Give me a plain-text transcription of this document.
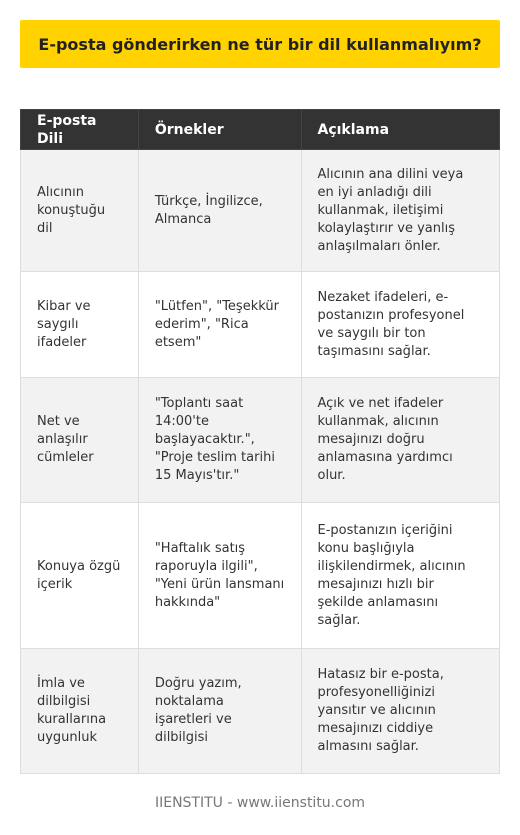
E-posta gönderirken ne tür bir dil kullanmalıyım?
E-posta Dili	Örnekler	Açıklama
Alıcının konuştuğu dil	Türkçe, İngilizce, Almanca	Alıcının ana dilini veya en iyi anladığı dili kullanmak, iletişimi kolaylaştırır ve yanlış anlaşılmaları önler.
Kibar ve saygılı ifadeler	"Lütfen", "Teşekkür ederim", "Rica etsem"	Nezaket ifadeleri, e-postanızın profesyonel ve saygılı bir ton taşımasını sağlar.
Net ve anlaşılır cümleler	"Toplantı saat 14:00'te başlayacaktır.", "Proje teslim tarihi 15 Mayıs'tır."	Açık ve net ifadeler kullanmak, alıcının mesajınızı doğru anlamasına yardımcı olur.
Konuya özgü içerik	"Haftalık satış raporuyla ilgili", "Yeni ürün lansmanı hakkında"	E-postanızın içeriğini konu başlığıyla ilişkilendirmek, alıcının mesajınızı hızlı bir şekilde anlamasını sağlar.
İmla ve dilbilgisi kurallarına uygunluk	Doğru yazım, noktalama işaretleri ve dilbilgisi	Hatasız bir e-posta, profesyonelliğinizi yansıtır ve alıcının mesajınızı ciddiye almasını sağlar.
IIENSTITU - www.iienstitu.com
